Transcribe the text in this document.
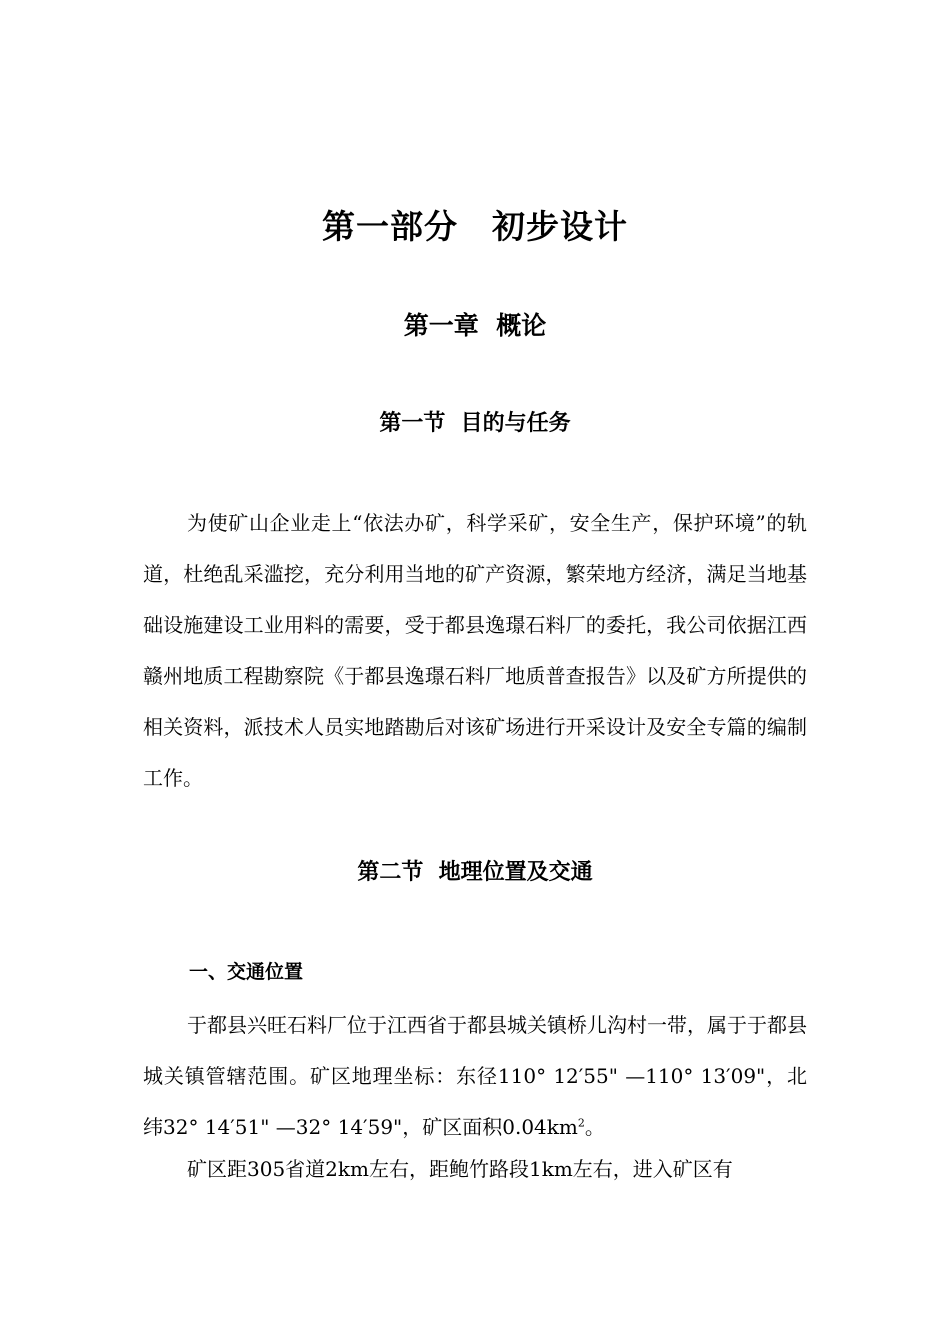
第一部分　初步设计
第一章  概论
第一节  目的与任务

为使矿山企业走上“依法办矿，科学采矿，安全生产，保护环境”的轨道，杜绝乱采滥挖，充分利用当地的矿产资源，繁荣地方经济，满足当地基础设施建设工业用料的需要，受于都县逸璟石料厂的委托，我公司依据江西赣州地质工程勘察院《于都县逸璟石料厂地质普查报告》以及矿方所提供的相关资料，派技术人员实地踏勘后对该矿场进行开采设计及安全专篇的编制工作。

第二节  地理位置及交通
一、交通位置

于都县兴旺石料厂位于江西省于都县城关镇桥儿沟村一带，属于于都县城关镇管辖范围。矿区地理坐标：东径110° 12′55" —110° 13′09"，北纬32° 14′51" —32° 14′59"，矿区面积$0.04km^2$。

矿区距305省道2km左右，距鲍竹路段1km左右，进入矿区有
